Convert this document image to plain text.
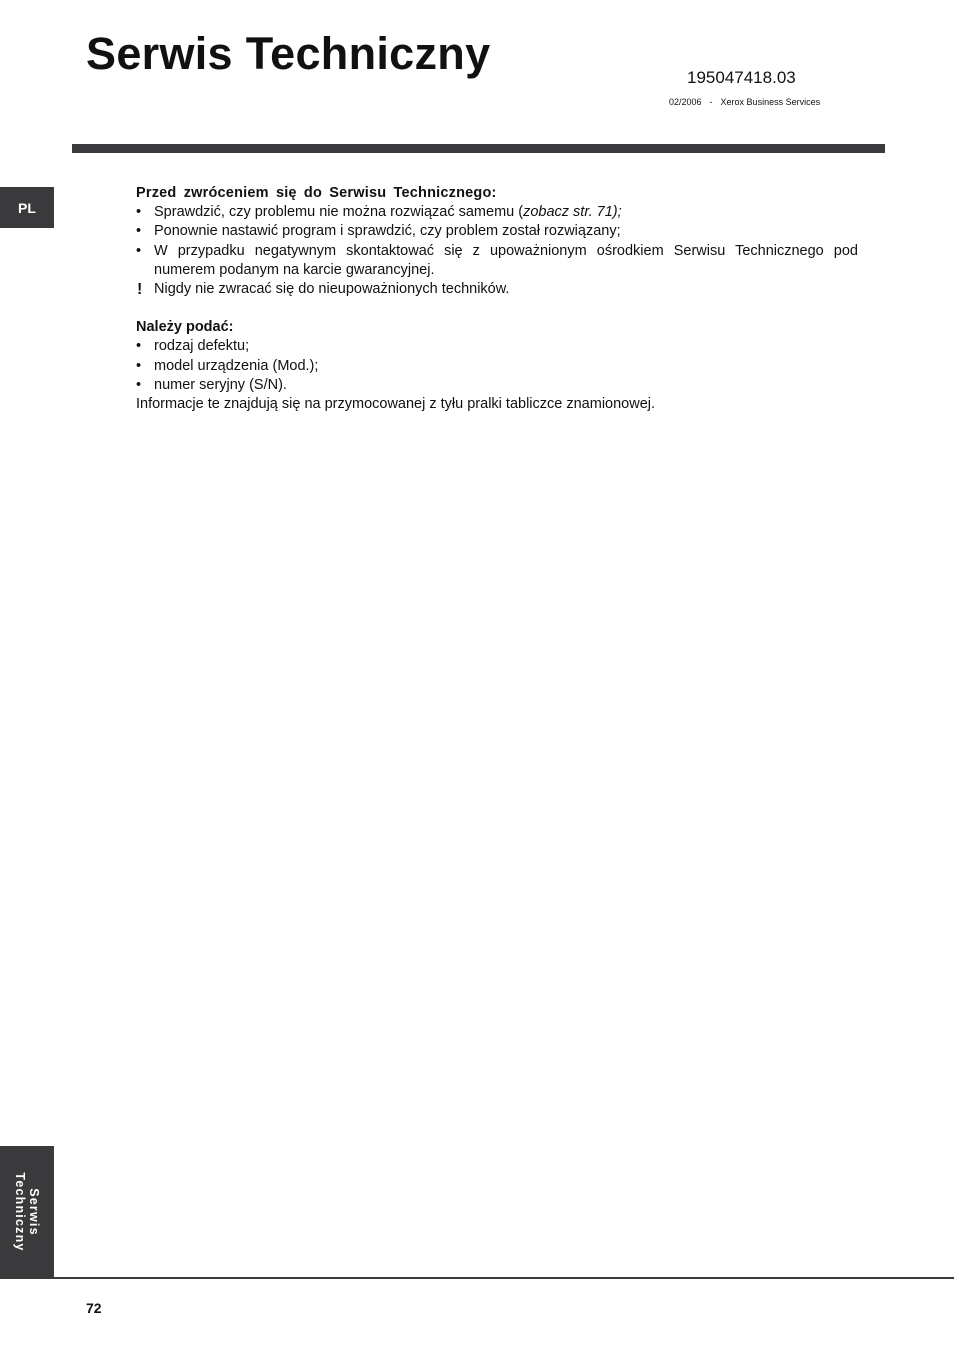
Serwis Techniczny	195047418.03
02/2006 - Xerox Business Services
PL
Przed zwróceniem się do Serwisu Technicznego:
• Sprawdzić, czy problemu nie można rozwiązać samemu (zobacz str. 71);
• Ponownie nastawić program i sprawdzić, czy problem został rozwiązany;
• W przypadku negatywnym skontaktować się z upoważnionym ośrodkiem Serwisu Technicznego pod numerem podanym na karcie gwarancyjnej.
! Nigdy nie zwracać się do nieupoważnionych techników.
Należy podać:
• rodzaj defektu;
• model urządzenia (Mod.);
• numer seryjny (S/N).
Informacje te znajdują się na przymocowanej z tyłu pralki tabliczce znamionowej.
Serwis
Techniczny
72
